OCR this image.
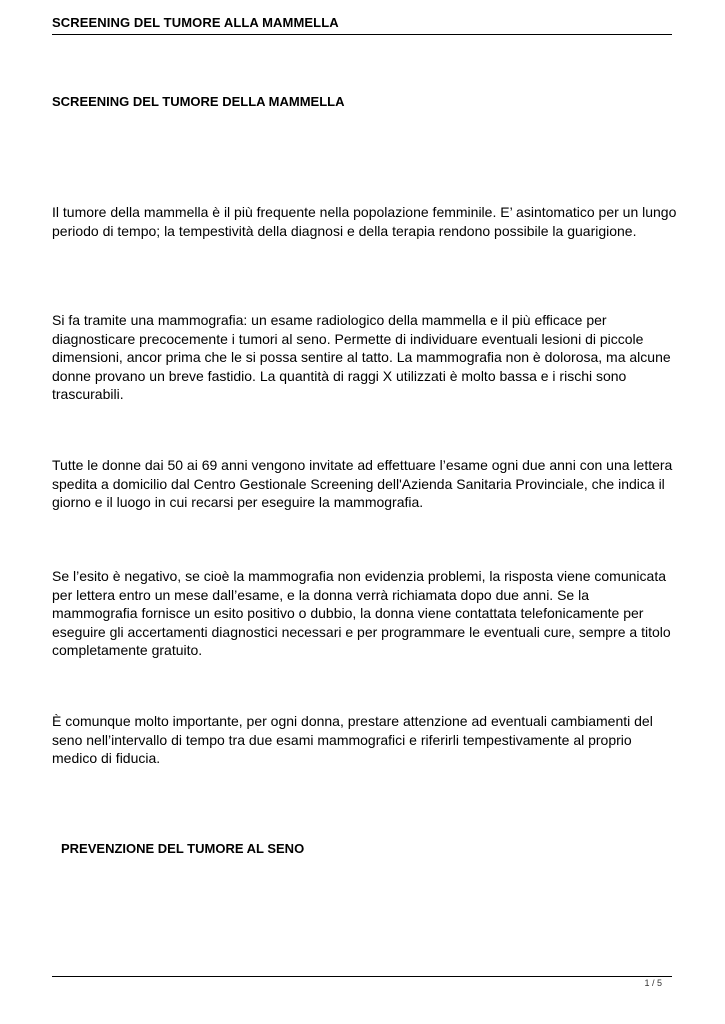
SCREENING DEL TUMORE ALLA MAMMELLA
SCREENING DEL TUMORE DELLA MAMMELLA

Il tumore della mammella è il più frequente nella popolazione femminile. E’ asintomatico per un lungo periodo di tempo; la tempestività della diagnosi e della terapia rendono possibile la guarigione.

Si fa tramite una mammografia: un esame radiologico della mammella e il più efficace per diagnosticare precocemente i tumori al seno. Permette di individuare eventuali lesioni di piccole dimensioni, ancor prima che le si possa sentire al tatto. La mammografia non è dolorosa, ma alcune donne provano un breve fastidio. La quantità di raggi X utilizzati è molto bassa e i rischi sono trascurabili.

Tutte le donne dai 50 ai 69 anni vengono invitate ad effettuare l’esame ogni due anni con una lettera spedita a domicilio dal Centro Gestionale Screening dell'Azienda Sanitaria Provinciale, che indica il giorno e il luogo in cui recarsi per eseguire la mammografia.

Se l’esito è negativo, se cioè la mammografia non evidenzia problemi, la risposta viene comunicata per lettera entro un mese dall’esame, e la donna verrà richiamata dopo due anni. Se la mammografia fornisce un esito positivo o dubbio, la donna viene contattata telefonicamente per eseguire gli accertamenti diagnostici necessari e per programmare le eventuali cure, sempre a titolo completamente gratuito.

È comunque molto importante, per ogni donna, prestare attenzione ad eventuali cambiamenti del seno nell’intervallo di tempo tra due esami mammografici e riferirli tempestivamente al proprio medico di fiducia.

PREVENZIONE DEL TUMORE AL SENO
1 / 5
